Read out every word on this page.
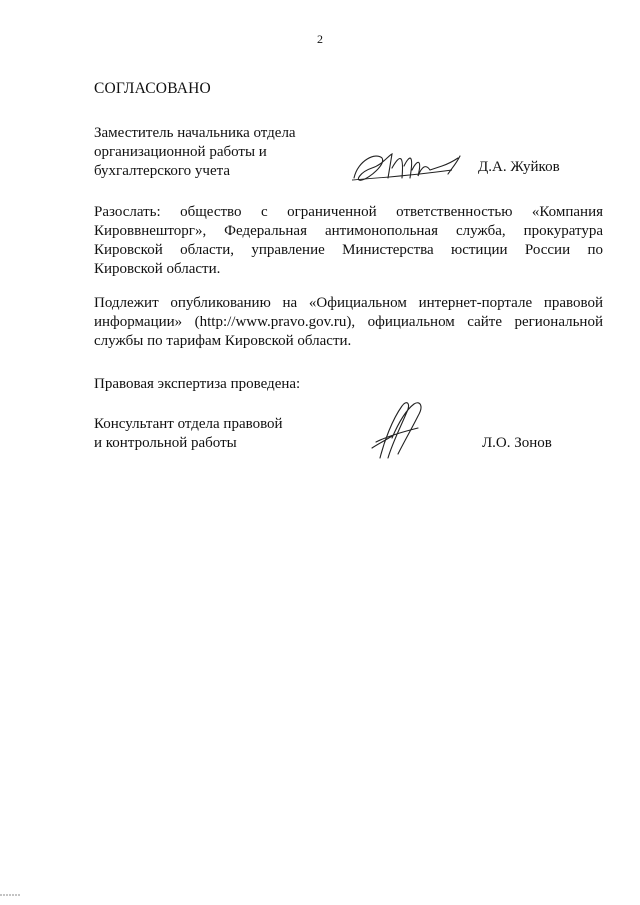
2
СОГЛАСОВАНО
Заместитель начальника отдела
организационной работы и
бухгалтерского учета	Д.А. Жуйков
Разослать: общество с ограниченной ответственностью «Компания
Кироввнешторг», Федеральная антимонопольная служба, прокуратура
Кировской области, управление Министерства юстиции России по
Кировской области.
Подлежит опубликованию на «Официальном интернет-портале правовой
информации» (http://www.pravo.gov.ru), официальном сайте региональной
службы по тарифам Кировской области.
Правовая экспертиза проведена:
Консультант отдела правовой
и контрольной работы	Л.О. Зонов
